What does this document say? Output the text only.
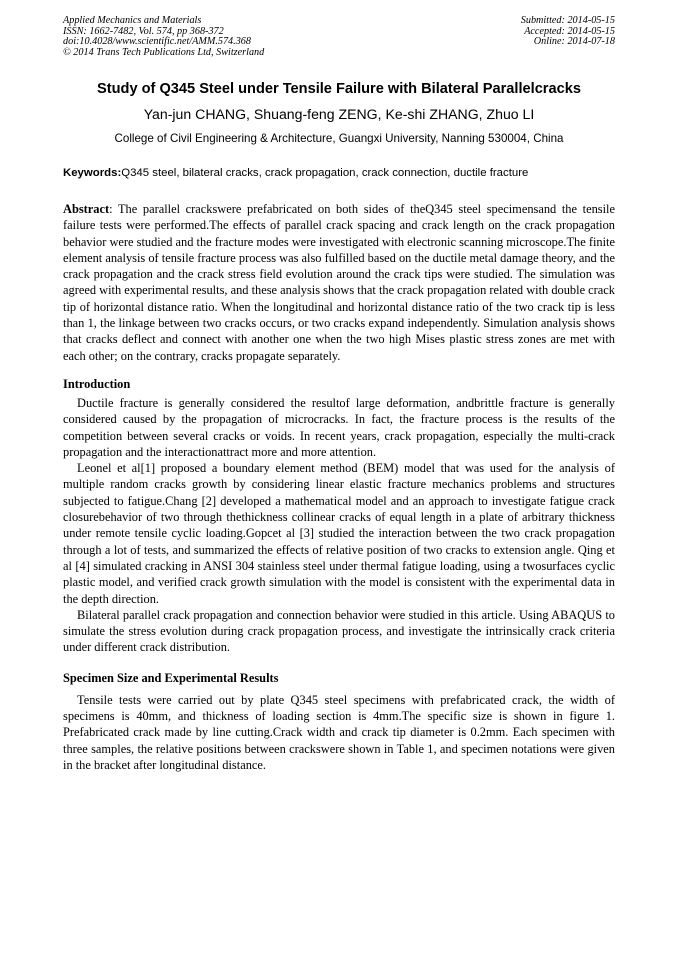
Applied Mechanics and Materials
ISSN: 1662-7482, Vol. 574, pp 368-372
doi:10.4028/www.scientific.net/AMM.574.368
© 2014 Trans Tech Publications Ltd, Switzerland
Submitted: 2014-05-15
Accepted: 2014-05-15
Online: 2014-07-18
Study of Q345 Steel under Tensile Failure with Bilateral Parallelcracks
Yan-jun CHANG, Shuang-feng ZENG, Ke-shi ZHANG, Zhuo LI
College of Civil Engineering & Architecture, Guangxi University, Nanning 530004, China
Keywords:Q345 steel, bilateral cracks, crack propagation, crack connection, ductile fracture

Abstract: The parallel crackswere prefabricated on both sides of theQ345 steel specimensand the tensile failure tests were performed.The effects of parallel crack spacing and crack length on the crack propagation behavior were studied and the fracture modes were investigated with electronic scanning microscope.The finite element analysis of tensile fracture process was also fulfilled based on the ductile metal damage theory, and the crack propagation and the crack stress field evolution around the crack tips were studied. The simulation was agreed with experimental results, and these analysis shows that the crack propagation related with double crack tip of horizontal distance ratio. When the longitudinal and horizontal distance ratio of the two crack tip is less than 1, the linkage between two cracks occurs, or two cracks expand independently. Simulation analysis shows that cracks deflect and connect with another one when the two high Mises plastic stress zones are met with each other; on the contrary, cracks propagate separately.

Introduction

Ductile fracture is generally considered the resultof large deformation, andbrittle fracture is generally considered caused by the propagation of microcracks. In fact, the fracture process is the results of the competition between several cracks or voids. In recent years, crack propagation, especially the multi-crack propagation and the interactionattract more and more attention.

Leonel et al[1] proposed a boundary element method (BEM) model that was used for the analysis of multiple random cracks growth by considering linear elastic fracture mechanics problems and structures subjected to fatigue.Chang [2] developed a mathematical model and an approach to investigate fatigue crack closurebehavior of two through thethickness collinear cracks of equal length in a plate of arbitrary thickness under remote tensile cyclic loading.Gopcet al [3] studied the interaction between the two crack propagation through a lot of tests, and summarized the effects of relative position of two cracks to extension angle. Qing et al [4] simulated cracking in ANSI 304 stainless steel under thermal fatigue loading, using a twosurfaces cyclic plastic model, and verified crack growth simulation with the model is consistent with the experimental data in the depth direction.

Bilateral parallel crack propagation and connection behavior were studied in this article. Using ABAQUS to simulate the stress evolution during crack propagation process, and investigate the intrinsically crack criteria under different crack distribution.

Specimen Size and Experimental Results

Tensile tests were carried out by plate Q345 steel specimens with prefabricated crack, the width of specimens is 40mm, and thickness of loading section is 4mm.The specific size is shown in figure 1. Prefabricated crack made by line cutting.Crack width and crack tip diameter is 0.2mm. Each specimen with three samples, the relative positions between crackswere shown in Table 1, and specimen notations were given in the bracket after longitudinal distance.
